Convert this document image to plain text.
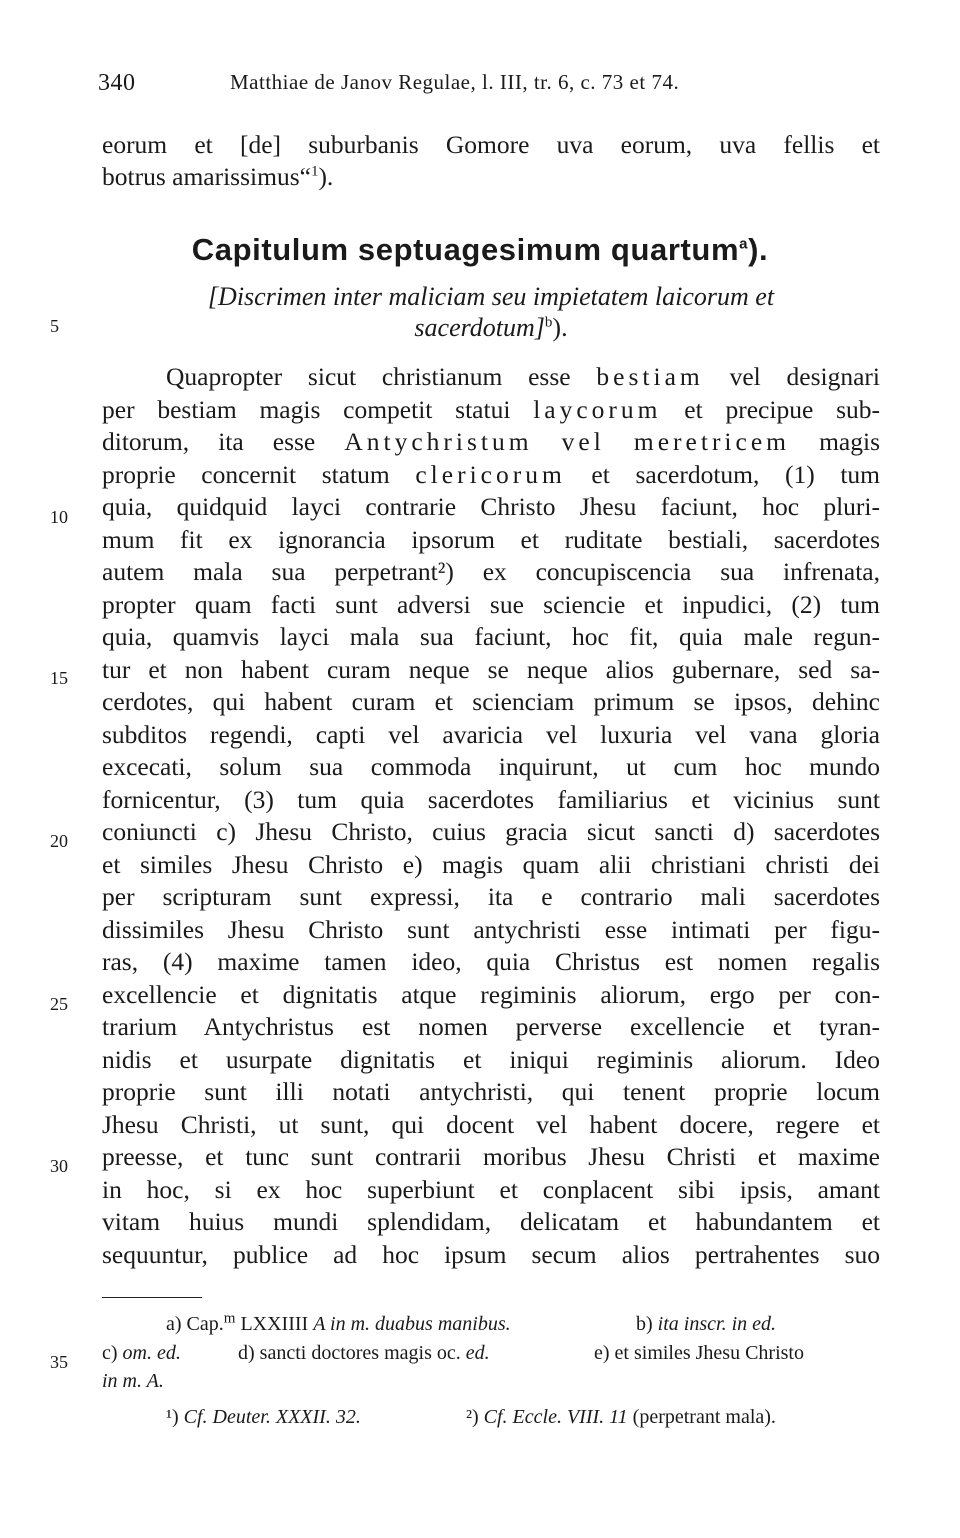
340	Matthiae de Janov Regulae, l. III, tr. 6, c. 73 et 74.
eorum et [de] suburbanis Gomore uva eorum, uva fellis et
botrus amarissimus“$^1$).
Capitulum septuagesimum quartum$^a$).
[Discrimen inter maliciam seu impietatem laicorum et
sacerdotum]$^b$).
5
10
15
20
25
30
35
Quapropter sicut christianum esse bestiam vel designari
per bestiam magis competit statui laycorum et precipue sub-
ditorum, ita esse Antychristum vel meretricem magis
proprie concernit statum clericorum et sacerdotum, (1) tum
quia, quidquid layci contrarie Christo Jhesu faciunt, hoc pluri-
mum fit ex ignorancia ipsorum et ruditate bestiali, sacerdotes
autem mala sua perpetrant²) ex concupiscencia sua infrenata,
propter quam facti sunt adversi sue sciencie et inpudici, (2) tum
quia, quamvis layci mala sua faciunt, hoc fit, quia male regun-
tur et non habent curam neque se neque alios gubernare, sed sa-
cerdotes, qui habent curam et scienciam primum se ipsos, dehinc
subditos regendi, capti vel avaricia vel luxuria vel vana gloria
excecati, solum sua commoda inquirunt, ut cum hoc mundo
fornicentur, (3) tum quia sacerdotes familiarius et vicinius sunt
coniuncti c) Jhesu Christo, cuius gracia sicut sancti d) sacerdotes
et similes Jhesu Christo e) magis quam alii christiani christi dei
per scripturam sunt expressi, ita e contrario mali sacerdotes
dissimiles Jhesu Christo sunt antychristi esse intimati per figu-
ras, (4) maxime tamen ideo, quia Christus est nomen regalis
excellencie et dignitatis atque regiminis aliorum, ergo per con-
trarium Antychristus est nomen perverse excellencie et tyran-
nidis et usurpate dignitatis et iniqui regiminis aliorum. Ideo
proprie sunt illi notati antychristi, qui tenent proprie locum
Jhesu Christi, ut sunt, qui docent vel habent docere, regere et
preesse, et tunc sunt contrarii moribus Jhesu Christi et maxime
in hoc, si ex hoc superbiunt et conplacent sibi ipsis, amant
vitam huius mundi splendidam, delicatam et habundantem et
sequuntur, publice ad hoc ipsum secum alios pertrahentes suo
a) Cap.$^m$ LXXIIII A in m. duabus manibus.	b) ita inscr. in ed.
c) om. ed.	d) sancti doctores magis oc. ed.	e) et similes Jhesu Christo
in m. A.
¹) Cf. Deuter. XXXII. 32.	²) Cf. Eccle. VIII. 11 (perpetrant mala).
